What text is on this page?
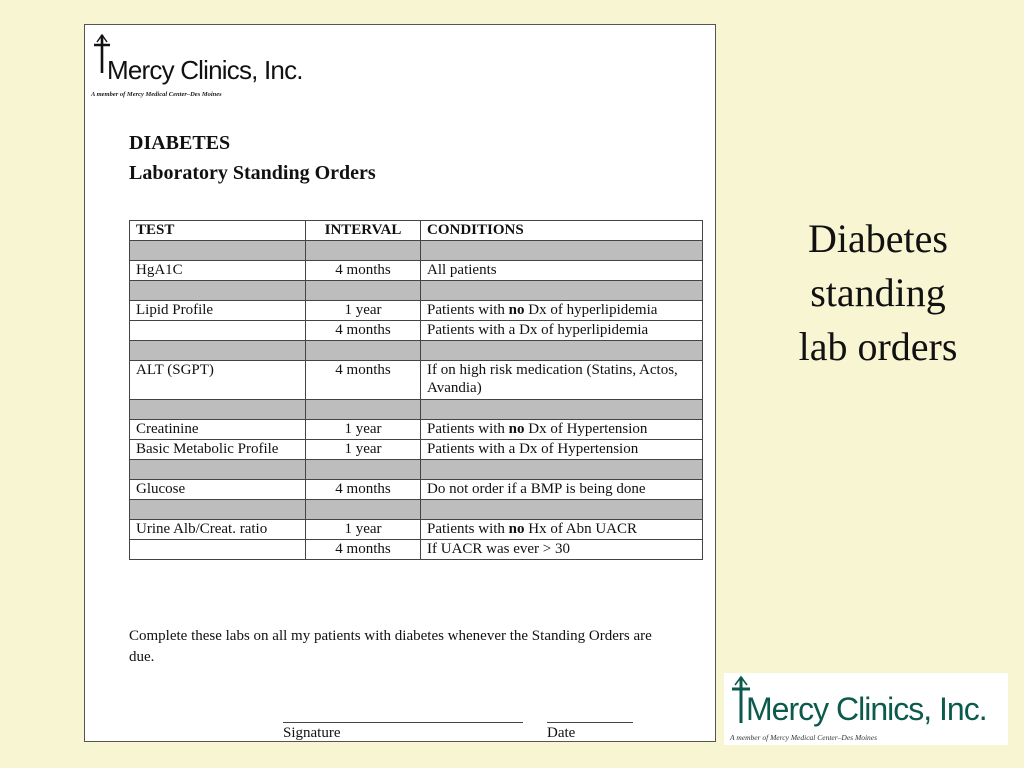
Mercy Clinics, Inc.
A member of Mercy Medical Center–Des Moines
DIABETES
Laboratory Standing Orders
TEST	INTERVAL	CONDITIONS

HgA1C	4 months	All patients

Lipid Profile	1 year	Patients with no Dx of hyperlipidemia
	4 months	Patients with a Dx of hyperlipidemia

ALT (SGPT)	4 months	If on high risk medication (Statins, Actos, Avandia)

Creatinine	1 year	Patients with no Dx of Hypertension
Basic Metabolic Profile	1 year	Patients with a Dx of Hypertension

Glucose	4 months	Do not order if a BMP is being done

Urine Alb/Creat. ratio	1 year	Patients with no Hx of Abn UACR
	4 months	If UACR was ever > 30
Complete these labs on all my patients with diabetes whenever the Standing Orders are due.
Signature	Date
Diabetes
standing
lab orders
Mercy Clinics, Inc.
A member of Mercy Medical Center–Des Moines
